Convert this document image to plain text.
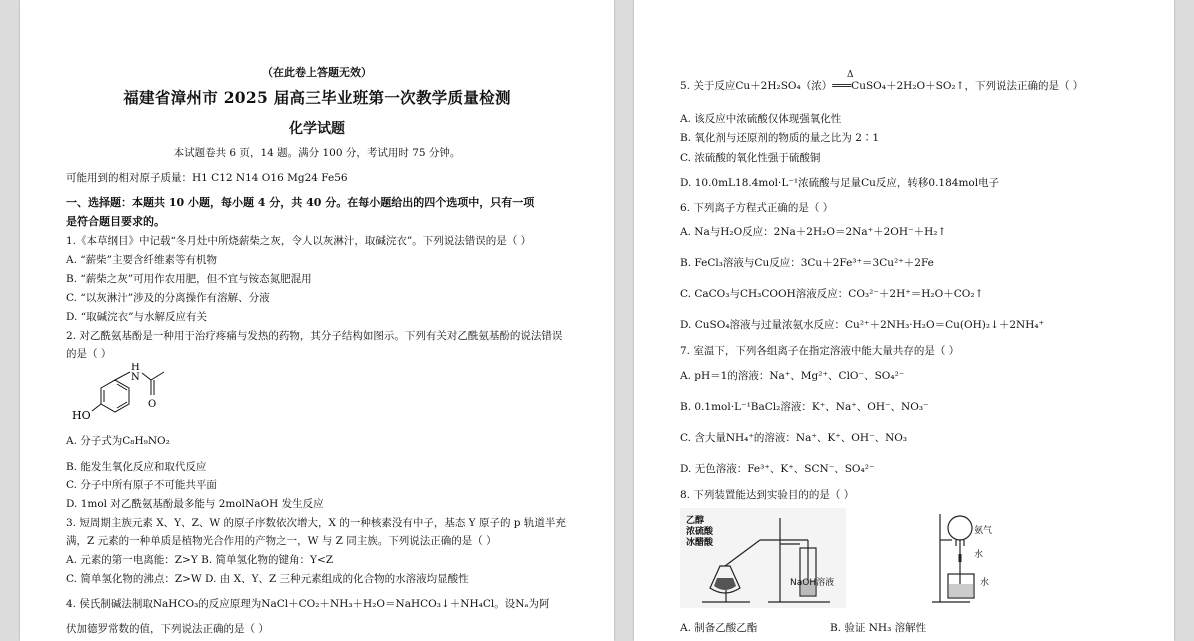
（在此卷上答题无效）
福建省漳州市 2025 届高三毕业班第一次教学质量检测
化学试题
本试题卷共 6 页，14 题。满分 100 分，考试用时 75 分钟。
可能用到的相对原子质量：H1 C12 N14 O16 Mg24 Fe56
一、选择题：本题共 10 小题，每小题 4 分，共 40 分。在每小题给出的四个选项中，只有一项
是符合题目要求的。
1.《本草纲目》中记载“冬月灶中所烧薪柴之灰，令人以灰淋汁，取碱浣衣”。下列说法错误的是（ ）
A. “薪柴”主要含纤维素等有机物
B. “薪柴之灰”可用作农用肥，但不宜与铵态氮肥混用
C. “以灰淋汁”涉及的分离操作有溶解、分液
D. “取碱浣衣”与水解反应有关
2. 对乙酰氨基酚是一种用于治疗疼痛与发热的药物，其分子结构如图示。下列有关对乙酰氨基酚的说法错误
的是（ ）
HO
H
N
O
A. 分子式为C₈H₉NO₂
B. 能发生氧化反应和取代反应
C. 分子中所有原子不可能共平面
D. 1mol 对乙酰氨基酚最多能与 2molNaOH 发生反应
3. 短周期主族元素 X、Y、Z、W 的原子序数依次增大，X 的一种核素没有中子，基态 Y 原子的 p 轨道半充
满，Z 元素的一种单质是植物光合作用的产物之一，W 与 Z 同主族。下列说法正确的是（ ）
A. 元素的第一电离能：Z>Y B. 简单氢化物的键角：Y<Z
C. 简单氢化物的沸点：Z>W D. 由 X、Y、Z 三种元素组成的化合物的水溶液均显酸性
4. 侯氏制碱法制取NaHCO₃的反应原理为NaCl＋CO₂＋NH₃＋H₂O＝NaHCO₃↓＋NH₄Cl。设Nₐ为阿
伏加德罗常数的值，下列说法正确的是（ ）
Δ
5. 关于反应Cu＋2H₂SO₄（浓）═══CuSO₄＋2H₂O＋SO₂↑，下列说法正确的是（ ）
A. 该反应中浓硫酸仅体现强氧化性
B. 氧化剂与还原剂的物质的量之比为 2∶1
C. 浓硫酸的氧化性强于硫酸铜
D. 10.0mL18.4mol·L⁻¹浓硫酸与足量Cu反应，转移0.184mol电子
6. 下列离子方程式正确的是（ ）
A. Na与H₂O反应：2Na＋2H₂O＝2Na⁺＋2OH⁻＋H₂↑
B. FeCl₃溶液与Cu反应：3Cu＋2Fe³⁺＝3Cu²⁺＋2Fe
C. CaCO₃与CH₃COOH溶液反应：CO₃²⁻＋2H⁺＝H₂O＋CO₂↑
D. CuSO₄溶液与过量浓氨水反应：Cu²⁺＋2NH₃·H₂O＝Cu(OH)₂↓＋2NH₄⁺
7. 室温下，下列各组离子在指定溶液中能大量共存的是（ ）
A. pH＝1的溶液：Na⁺、Mg²⁺、ClO⁻、SO₄²⁻
B. 0.1mol·L⁻¹BaCl₂溶液：K⁺、Na⁺、OH⁻、NO₃⁻
C. 含大量NH₄⁺的溶液：Na⁺、K⁺、OH⁻、NO₃
D. 无色溶液：Fe³⁺、K⁺、SCN⁻、SO₄²⁻
8. 下列装置能达到实验目的的是（ ）
乙醇
浓硫酸
冰醋酸
NaOH溶液
氨气
水
水
A. 制备乙酸乙酯	B. 验证 NH₃ 溶解性
